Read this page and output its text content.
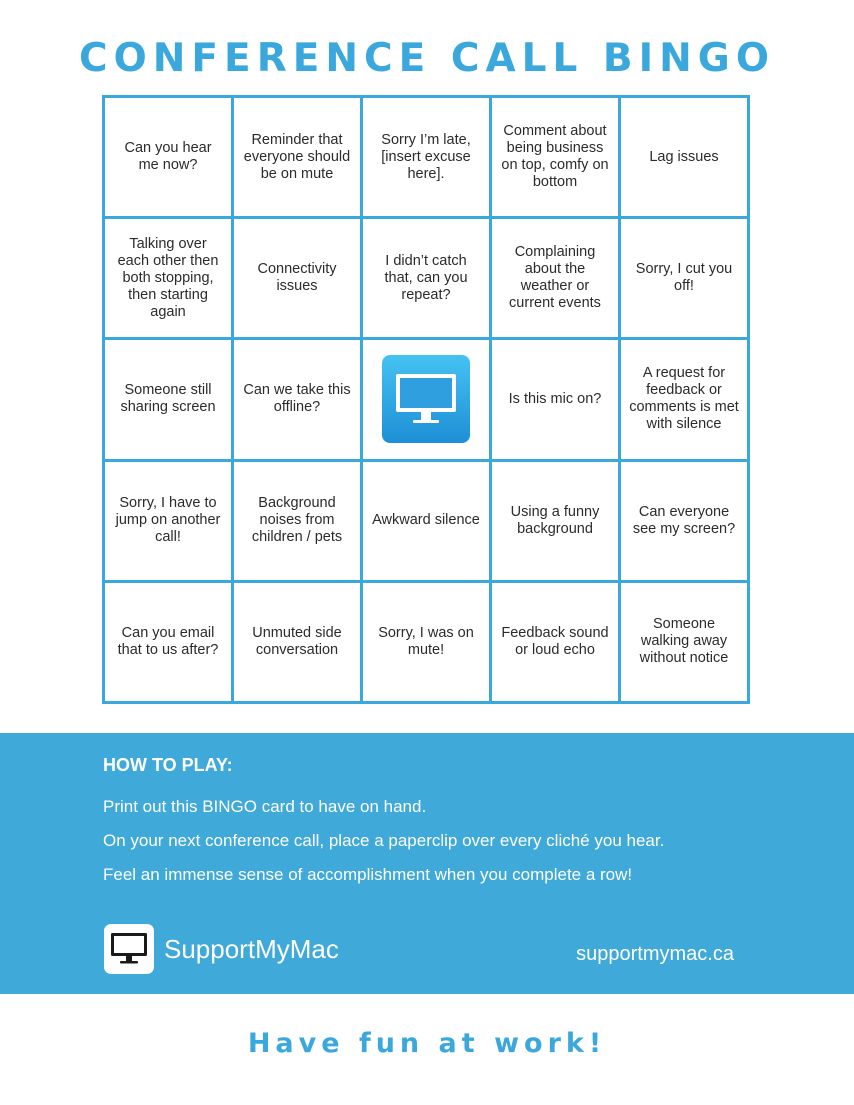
CONFERENCE CALL BINGO
Can you hear me now?
Reminder that everyone should be on mute
Sorry I’m late, [insert excuse here].
Comment about being business on top, comfy on bottom
Lag issues
Talking over each other then both stopping, then starting again
Connectivity issues
I didn’t catch that, can you repeat?
Complaining about the weather or current events
Sorry, I cut you off!
Someone still sharing screen
Can we take this offline?
Is this mic on?
A request for feedback or comments is met with silence
Sorry, I have to jump on another call!
Background noises from children / pets
Awkward silence
Using a funny background
Can everyone see my screen?
Can you email that to us after?
Unmuted side conversation
Sorry, I was on mute!
Feedback sound or loud echo
Someone walking away without notice
HOW TO PLAY:
Print out this BINGO card to have on hand.
On your next conference call, place a paperclip over every cliché you hear.
Feel an immense sense of accomplishment when you complete a row!
SupportMyMac	supportmymac.ca
Have fun at work!
